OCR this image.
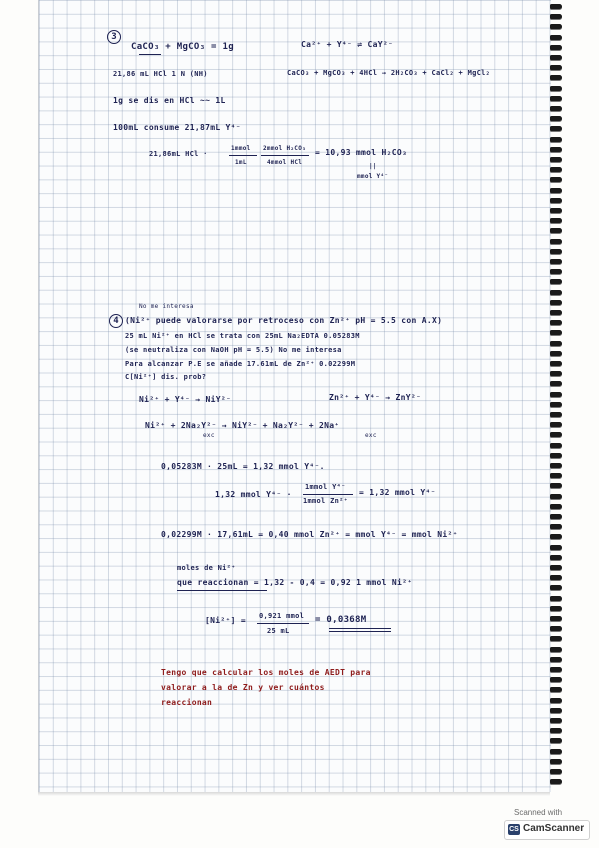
3
CaCO₃ + MgCO₃ = 1g	Ca²⁺ + Y⁴⁻ ⇌ CaY²⁻
21,86 mL HCl 1 N (NH)	CaCO₃ + MgCO₃ + 4HCl → 2H₂CO₃ + CaCl₂ + MgCl₂
1g se dis en HCl ~~ 1L
100mL consume 21,87mL Y⁴⁻
21,86mL HCl ·
1mmol
1mL
2mmol H₂CO₃
4mmol HCl
= 10,93 mmol H₂CO₃
||
mmol Y⁴⁻
No me interesa
4 (Ni²⁺ puede valorarse por retroceso con Zn²⁺ pH = 5.5 con A.X)
25 mL Ni²⁺ en HCl se trata con 25mL Na₂EDTA 0.05283M
(se neutraliza con NaOH pH = 5.5) No me interesa
Para alcanzar P.E se añade 17.61mL de Zn²⁺ 0.02299M
C[Ni²⁺] dis. prob?
Ni²⁺ + Y⁴⁻ → NiY²⁻	Zn²⁺ + Y⁴⁻ → ZnY²⁻
Ni²⁺ + 2Na₂Y²⁻ → NiY²⁻ + Na₂Y²⁻ + 2Na⁺
exc	exc
0,05283M · 25mL = 1,32 mmol Y⁴⁻.
1,32 mmol Y⁴⁻ ·
1mmol Y⁴⁻
1mmol Zn²⁺
= 1,32 mmol Y⁴⁻
0,02299M · 17,61mL = 0,40 mmol Zn²⁺ = mmol Y⁴⁻ = mmol Ni²⁺
moles de Ni²⁺
que reaccionan = 1,32 - 0,4 = 0,92 1 mmol Ni²⁺
[Ni²⁺] = 0,921 mmol
25 mL
= 0,0368M
Tengo que calcular los moles de AEDT para
valorar a la de Zn y ver cuántos
reaccionan
Scanned with
CS CamScanner
